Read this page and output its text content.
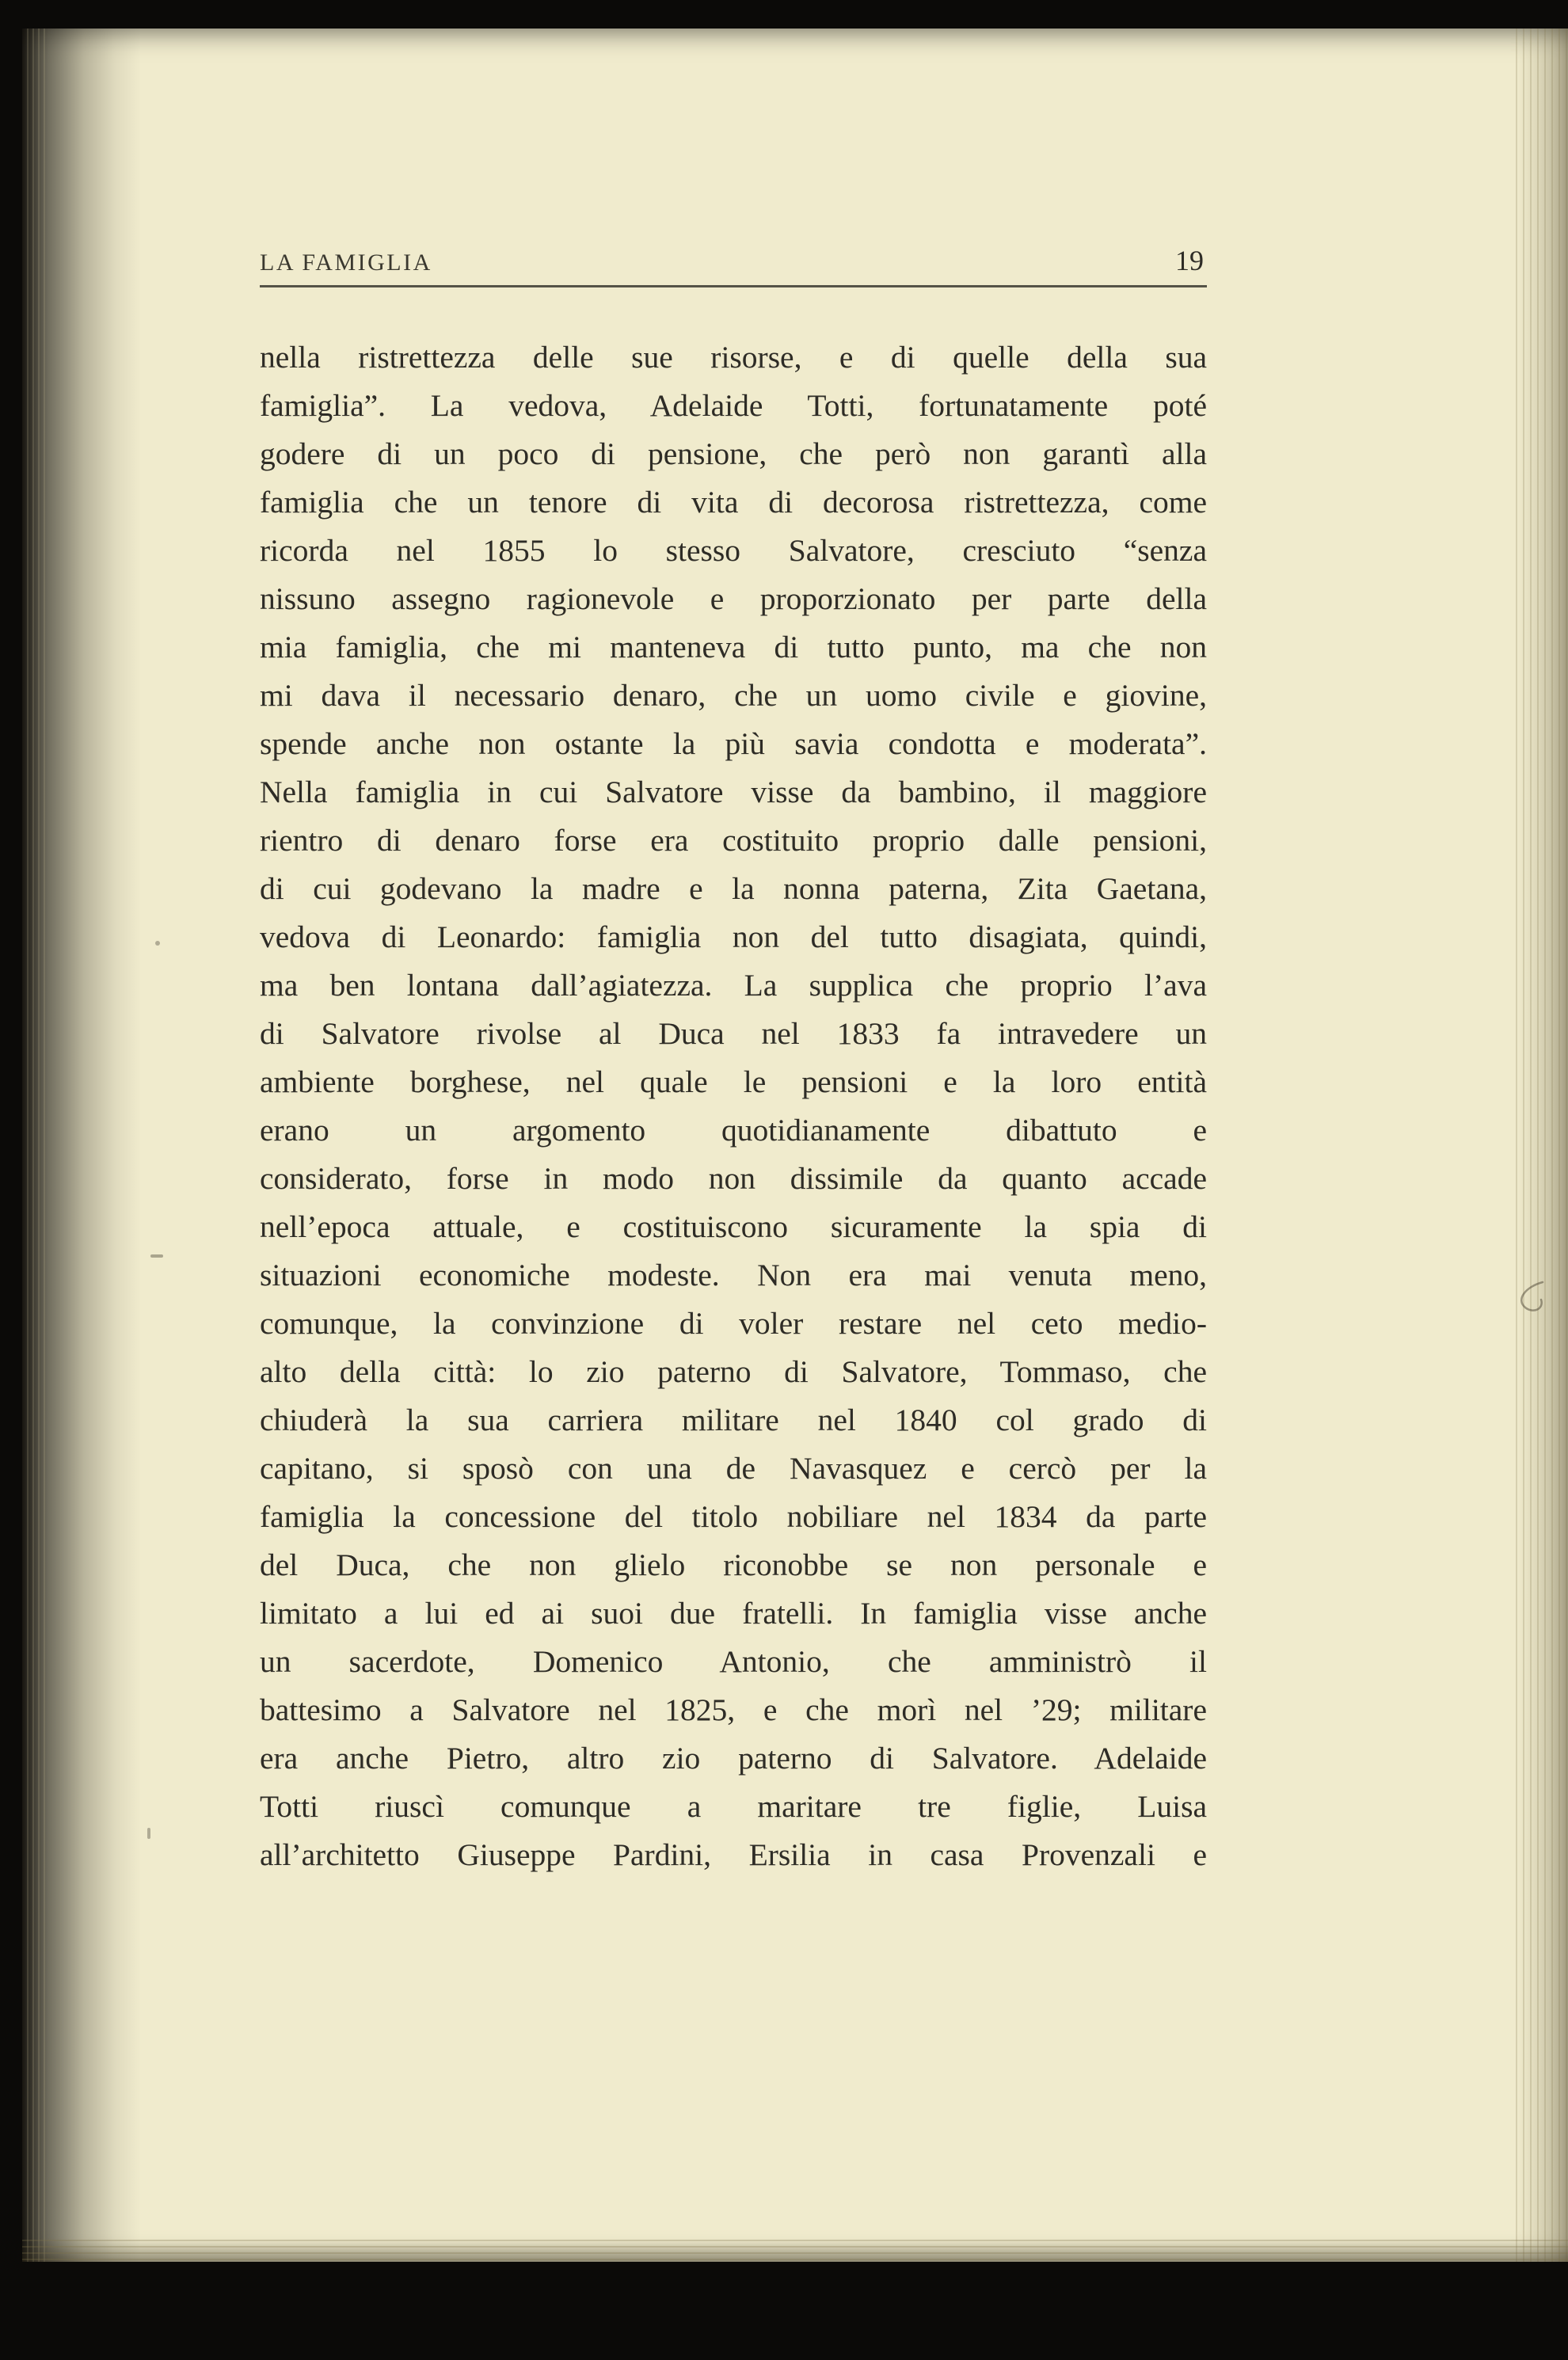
LA FAMIGLIA	19
nella ristrettezza delle sue risorse, e di quelle della sua
famiglia”. La vedova, Adelaide Totti, fortunatamente poté
godere di un poco di pensione, che però non garantì alla
famiglia che un tenore di vita di decorosa ristrettezza, come
ricorda nel 1855 lo stesso Salvatore, cresciuto “senza
nissuno assegno ragionevole e proporzionato per parte della
mia famiglia, che mi manteneva di tutto punto, ma che non
mi dava il necessario denaro, che un uomo civile e giovine,
spende anche non ostante la più savia condotta e moderata”.
Nella famiglia in cui Salvatore visse da bambino, il maggiore
rientro di denaro forse era costituito proprio dalle pensioni,
di cui godevano la madre e la nonna paterna, Zita Gaetana,
vedova di Leonardo: famiglia non del tutto disagiata, quindi,
ma ben lontana dall’agiatezza. La supplica che proprio l’ava
di Salvatore rivolse al Duca nel 1833 fa intravedere un
ambiente borghese, nel quale le pensioni e la loro entità
erano un argomento quotidianamente dibattuto e
considerato, forse in modo non dissimile da quanto accade
nell’epoca attuale, e costituiscono sicuramente la spia di
situazioni economiche modeste. Non era mai venuta meno,
comunque, la convinzione di voler restare nel ceto medio-
alto della città: lo zio paterno di Salvatore, Tommaso, che
chiuderà la sua carriera militare nel 1840 col grado di
capitano, si sposò con una de Navasquez e cercò per la
famiglia la concessione del titolo nobiliare nel 1834 da parte
del Duca, che non glielo riconobbe se non personale e
limitato a lui ed ai suoi due fratelli. In famiglia visse anche
un sacerdote, Domenico Antonio, che amministrò il
battesimo a Salvatore nel 1825, e che morì nel ’29; militare
era anche Pietro, altro zio paterno di Salvatore. Adelaide
Totti riuscì comunque a maritare tre figlie, Luisa
all’architetto Giuseppe Pardini, Ersilia in casa Provenzali e
